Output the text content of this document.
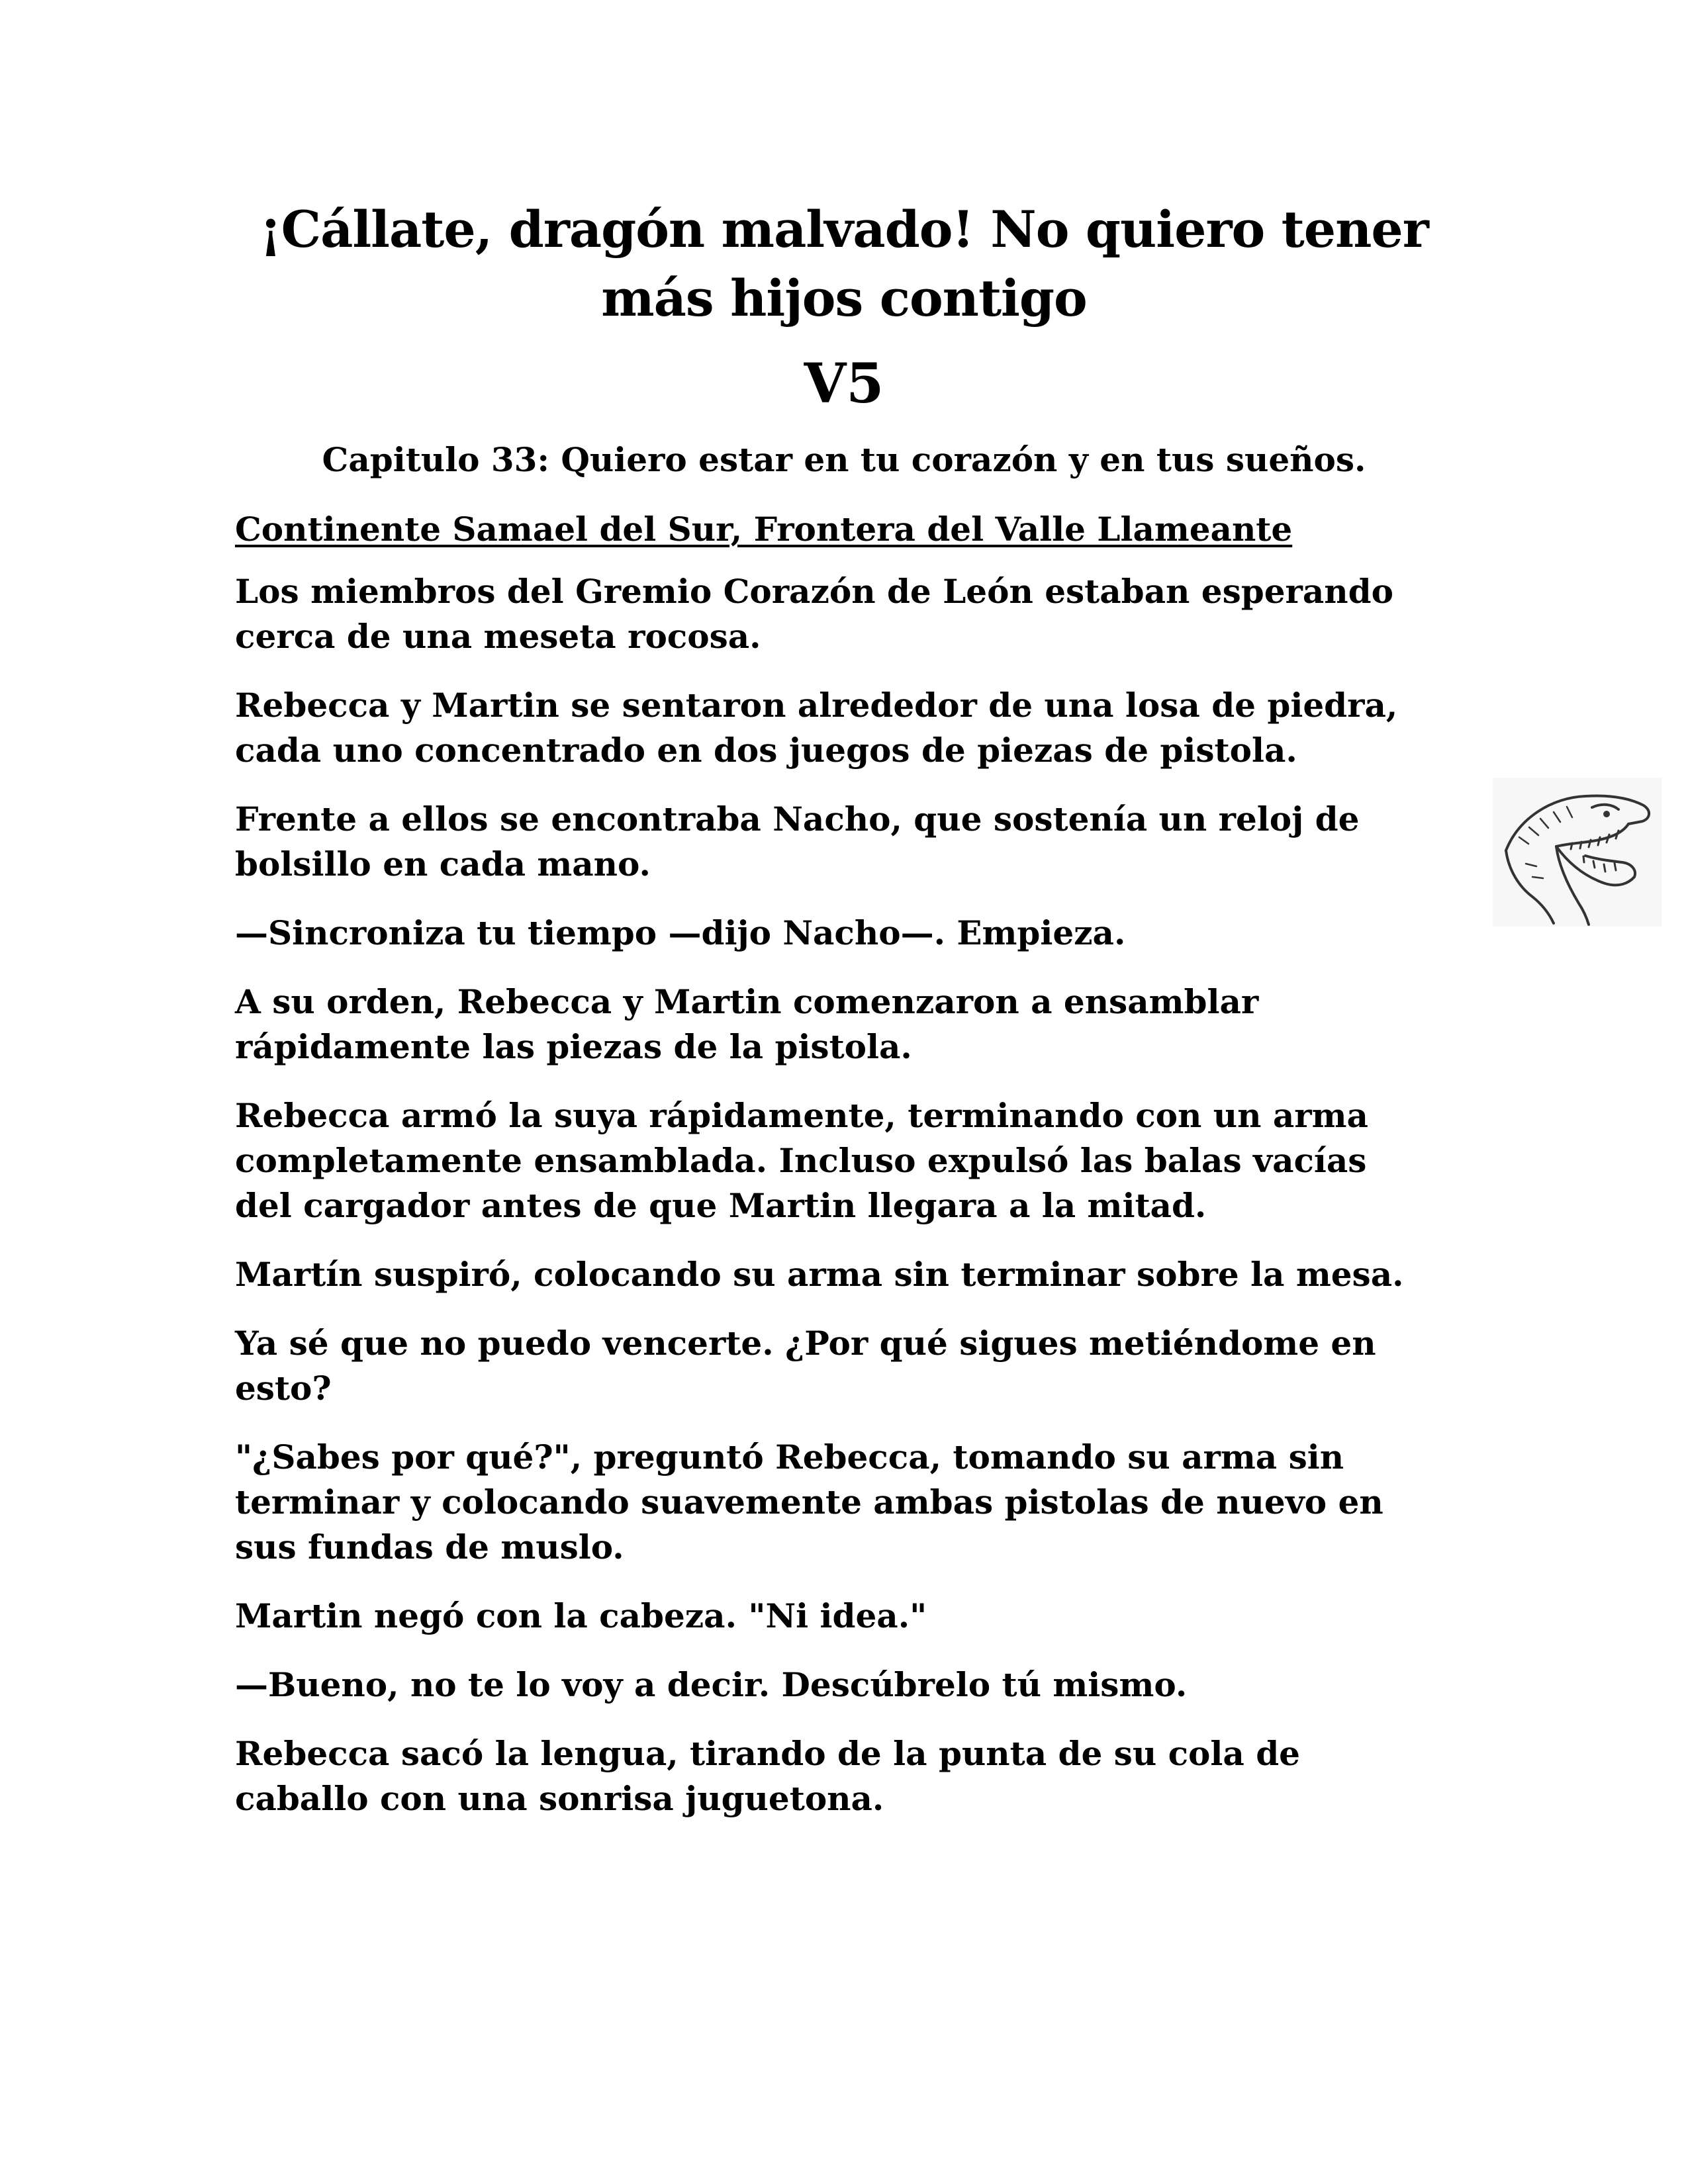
¡Cállate, dragón malvado! No quiero tener
más hijos contigo
V5
Capitulo 33: Quiero estar en tu corazón y en tus sueños.

Continente Samael del Sur, Frontera del Valle Llameante

Los miembros del Gremio Corazón de León estaban esperando
cerca de una meseta rocosa.

Rebecca y Martin se sentaron alrededor de una losa de piedra,
cada uno concentrado en dos juegos de piezas de pistola.

Frente a ellos se encontraba Nacho, que sostenía un reloj de
bolsillo en cada mano.

—Sincroniza tu tiempo —dijo Nacho—. Empieza.

A su orden, Rebecca y Martin comenzaron a ensamblar
rápidamente las piezas de la pistola.

Rebecca armó la suya rápidamente, terminando con un arma
completamente ensamblada. Incluso expulsó las balas vacías
del cargador antes de que Martin llegara a la mitad.

Martín suspiró, colocando su arma sin terminar sobre la mesa.

Ya sé que no puedo vencerte. ¿Por qué sigues metiéndome en
esto?

"¿Sabes por qué?", preguntó Rebecca, tomando su arma sin
terminar y colocando suavemente ambas pistolas de nuevo en
sus fundas de muslo.

Martin negó con la cabeza. "Ni idea."

—Bueno, no te lo voy a decir. Descúbrelo tú mismo.

Rebecca sacó la lengua, tirando de la punta de su cola de
caballo con una sonrisa juguetona.
